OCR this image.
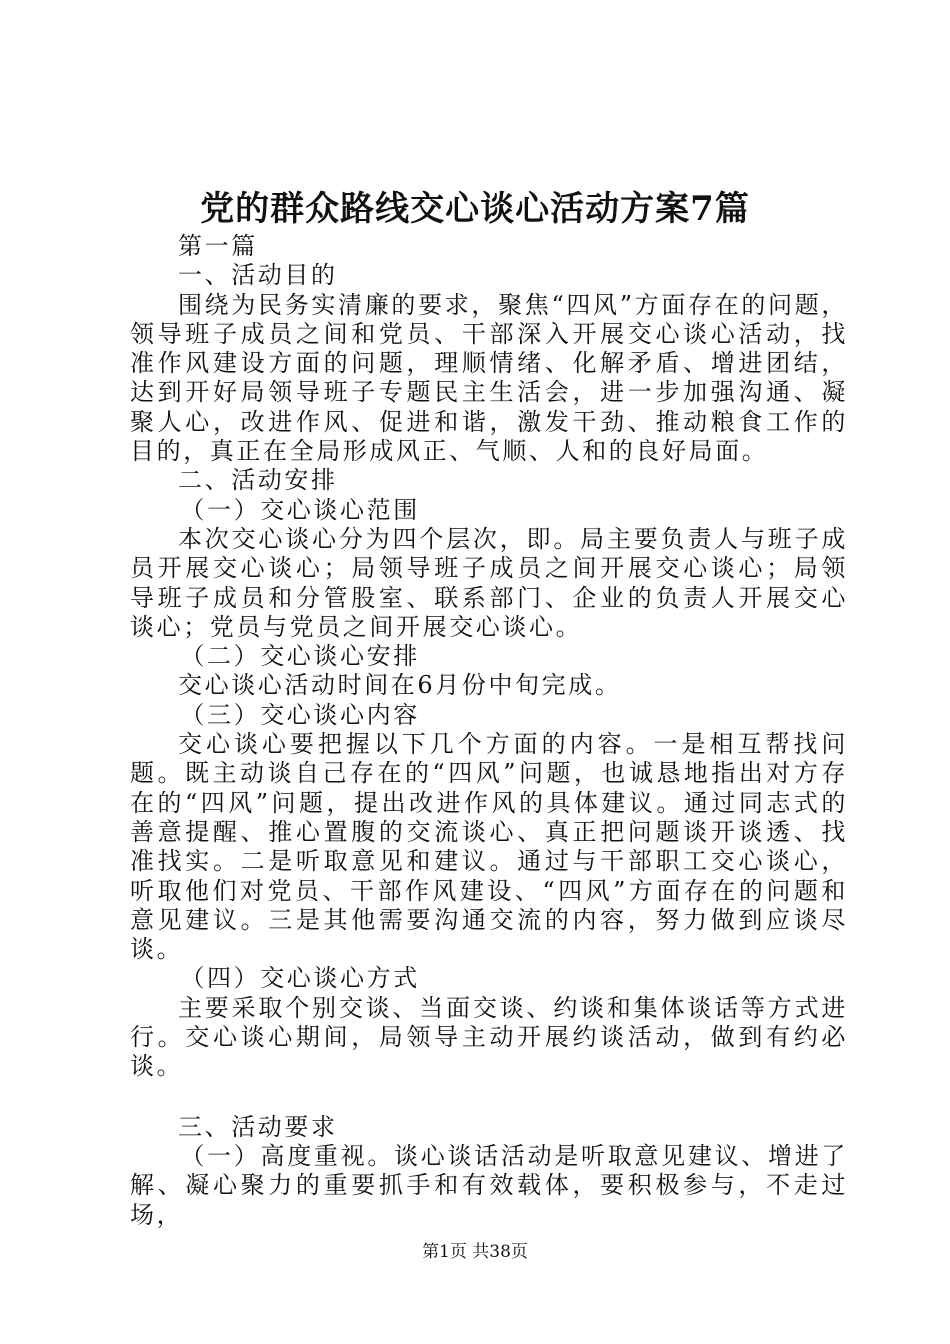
党的群众路线交心谈心活动方案7篇

第一篇

一、活动目的

围绕为民务实清廉的要求，聚焦“四风”方面存在的问题，领导班子成员之间和党员、干部深入开展交心谈心活动，找准作风建设方面的问题，理顺情绪、化解矛盾、增进团结，达到开好局领导班子专题民主生活会，进一步加强沟通、凝聚人心，改进作风、促进和谐，激发干劲、推动粮食工作的目的，真正在全局形成风正、气顺、人和的良好局面。

二、活动安排

（一）交心谈心范围

本次交心谈心分为四个层次，即。局主要负责人与班子成员开展交心谈心；局领导班子成员之间开展交心谈心；局领导班子成员和分管股室、联系部门、企业的负责人开展交心谈心；党员与党员之间开展交心谈心。

（二）交心谈心安排

交心谈心活动时间在6月份中旬完成。

（三）交心谈心内容

交心谈心要把握以下几个方面的内容。一是相互帮找问题。既主动谈自己存在的“四风”问题，也诚恳地指出对方存在的“四风”问题，提出改进作风的具体建议。通过同志式的善意提醒、推心置腹的交流谈心、真正把问题谈开谈透、找准找实。二是听取意见和建议。通过与干部职工交心谈心，听取他们对党员、干部作风建设、“四风”方面存在的问题和意见建议。三是其他需要沟通交流的内容，努力做到应谈尽谈。

（四）交心谈心方式

主要采取个别交谈、当面交谈、约谈和集体谈话等方式进行。交心谈心期间，局领导主动开展约谈活动，做到有约必谈。

三、活动要求

（一）高度重视。谈心谈话活动是听取意见建议、增进了解、凝心聚力的重要抓手和有效载体，要积极参与，不走过场，

第1页 共38页
